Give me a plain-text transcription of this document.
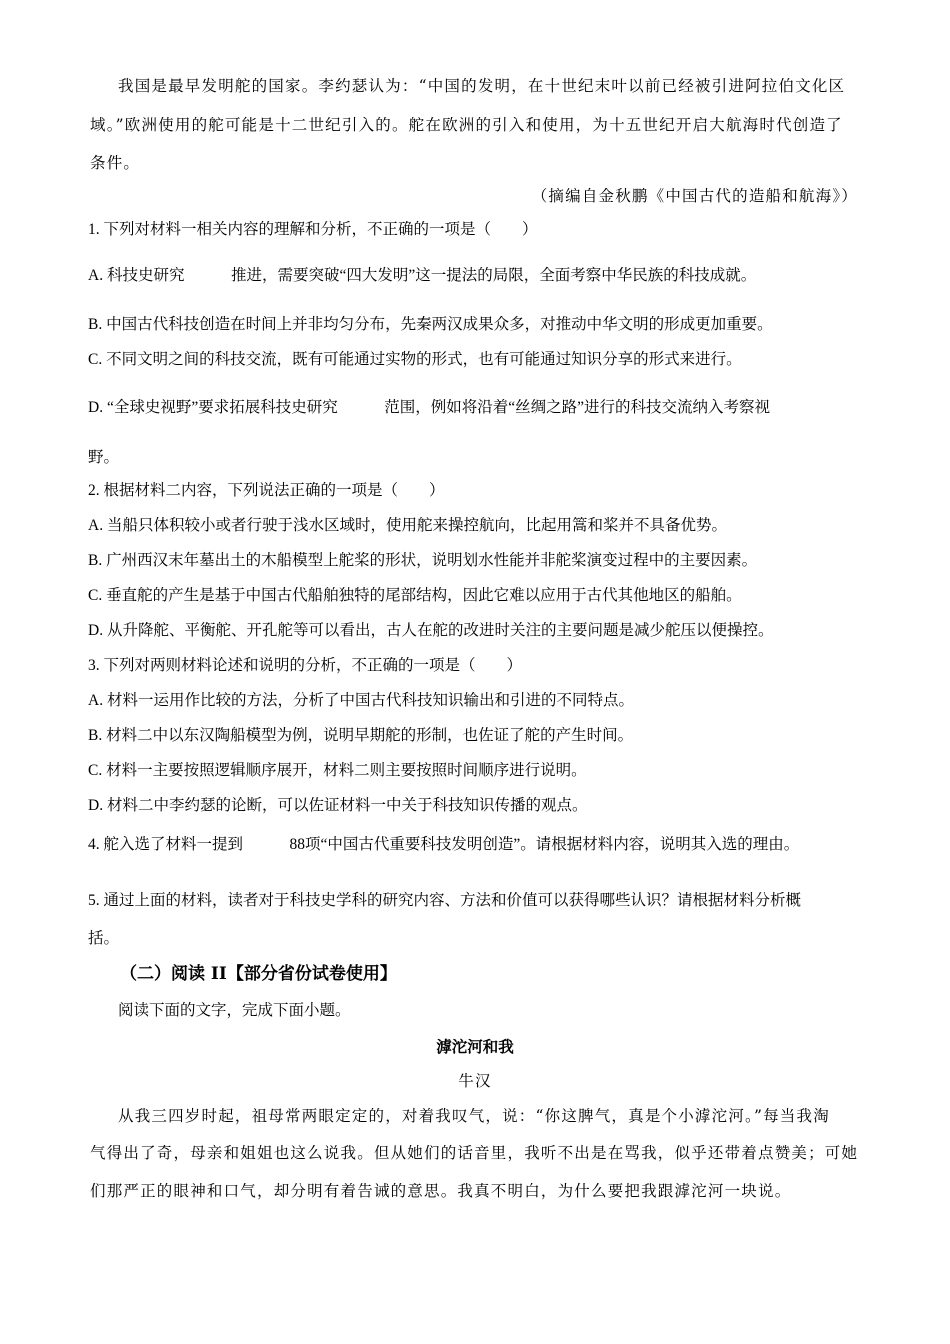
我国是最早发明舵的国家。李约瑟认为：“中国的发明，在十世纪末叶以前已经被引进阿拉伯文化区

域。”欧洲使用的舵可能是十二世纪引入的。舵在欧洲的引入和使用，为十五世纪开启大航海时代创造了

条件。

（摘编自金秋鹏《中国古代的造船和航海》）

1. 下列对材料一相关内容的理解和分析，不正确的一项是（　　）

A. 科技史研究　　　推进，需要突破“四大发明”这一提法的局限，全面考察中华民族的科技成就。

B. 中国古代科技创造在时间上并非均匀分布，先秦两汉成果众多，对推动中华文明的形成更加重要。

C. 不同文明之间的科技交流，既有可能通过实物的形式，也有可能通过知识分享的形式来进行。

D. “全球史视野”要求拓展科技史研究　　　范围，例如将沿着“丝绸之路”进行的科技交流纳入考察视

野。

2. 根据材料二内容，下列说法正确的一项是（　　）

A. 当船只体积较小或者行驶于浅水区域时，使用舵来操控航向，比起用篙和桨并不具备优势。

B. 广州西汉末年墓出土的木船模型上舵桨的形状，说明划水性能并非舵桨演变过程中的主要因素。

C. 垂直舵的产生是基于中国古代船舶独特的尾部结构，因此它难以应用于古代其他地区的船舶。

D. 从升降舵、平衡舵、开孔舵等可以看出，古人在舵的改进时关注的主要问题是减少舵压以便操控。

3. 下列对两则材料论述和说明的分析，不正确的一项是（　　）

A. 材料一运用作比较的方法，分析了中国古代科技知识输出和引进的不同特点。

B. 材料二中以东汉陶船模型为例，说明早期舵的形制，也佐证了舵的产生时间。

C. 材料一主要按照逻辑顺序展开，材料二则主要按照时间顺序进行说明。

D. 材料二中李约瑟的论断，可以佐证材料一中关于科技知识传播的观点。

4. 舵入选了材料一提到　　　88项“中国古代重要科技发明创造”。请根据材料内容，说明其入选的理由。

5. 通过上面的材料，读者对于科技史学科的研究内容、方法和价值可以获得哪些认识？请根据材料分析概

括。

（二）阅读 II【部分省份试卷使用】

阅读下面的文字，完成下面小题。

滹沱河和我

牛汉

从我三四岁时起，祖母常两眼定定的，对着我叹气，说：“你这脾气，真是个小滹沱河。”每当我淘

气得出了奇，母亲和姐姐也这么说我。但从她们的话音里，我听不出是在骂我，似乎还带着点赞美；可她

们那严正的眼神和口气，却分明有着告诫的意思。我真不明白，为什么要把我跟滹沱河一块说。
